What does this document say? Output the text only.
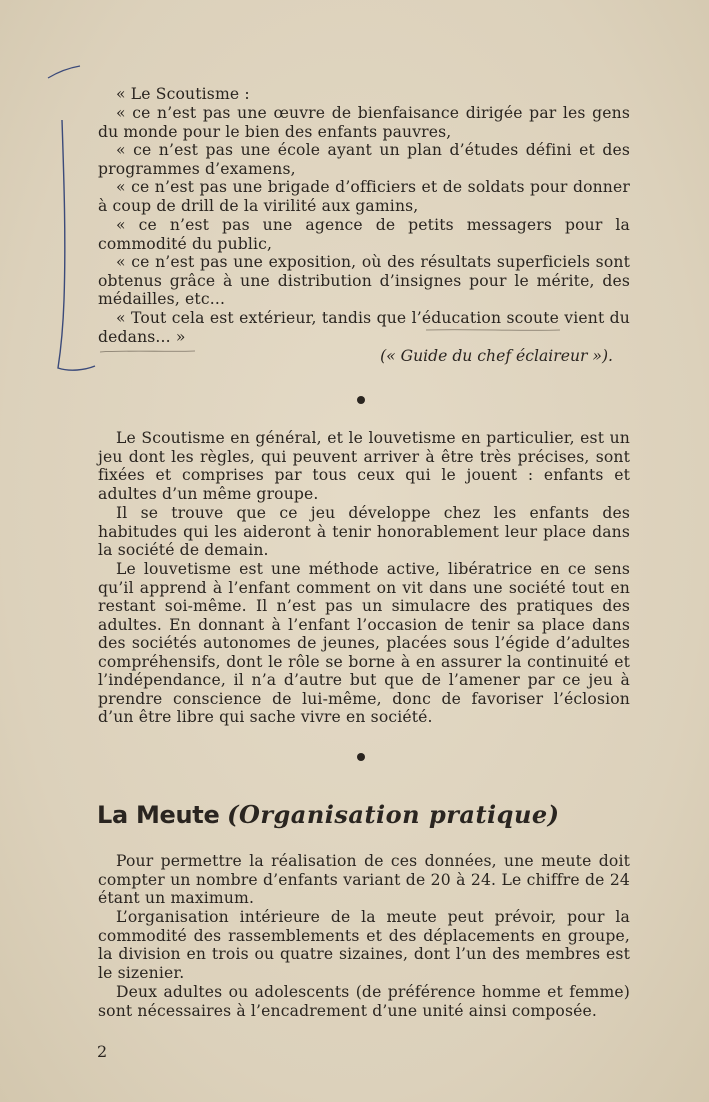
« Le Scoutisme :
« ce n’est pas une œuvre de bienfaisance dirigée par les gens du monde pour le bien des enfants pauvres,
« ce n’est pas une école ayant un plan d’études défini et des programmes d’examens,
« ce n’est pas une brigade d’officiers et de soldats pour donner à coup de drill de la virilité aux gamins,
« ce n’est pas une agence de petits messagers pour la commodité du public,
« ce n’est pas une exposition, où des résultats superficiels sont obtenus grâce à une distribution d’insignes pour le mérite, des médailles, etc...
« Tout cela est extérieur, tandis que l’éducation scoute vient du dedans... »
(« Guide du chef éclaireur »).
Le Scoutisme en général, et le louvetisme en particulier, est un jeu dont les règles, qui peuvent arriver à être très précises, sont fixées et comprises par tous ceux qui le jouent : enfants et adultes d’un même groupe.
Il se trouve que ce jeu développe chez les enfants des habitudes qui les aideront à tenir honorablement leur place dans la société de demain.
Le louvetisme est une méthode active, libératrice en ce sens qu’il apprend à l’enfant comment on vit dans une société tout en restant soi-même. Il n’est pas un simulacre des pratiques des adultes. En donnant à l’enfant l’occasion de tenir sa place dans des sociétés autonomes de jeunes, placées sous l’égide d’adultes compréhensifs, dont le rôle se borne à en assurer la continuité et l’indépendance, il n’a d’autre but que de l’amener par ce jeu à prendre conscience de lui-même, donc de favoriser l’éclosion d’un être libre qui sache vivre en société.
La Meute (Organisation pratique)
Pour permettre la réalisation de ces données, une meute doit compter un nombre d’enfants variant de 20 à 24. Le chiffre de 24 étant un maximum.
L’organisation intérieure de la meute peut prévoir, pour la commodité des rassemblements et des déplacements en groupe, la division en trois ou quatre sizaines, dont l’un des membres est le sizenier.
Deux adultes ou adolescents (de préférence homme et femme) sont nécessaires à l’encadrement d’une unité ainsi composée.
2
